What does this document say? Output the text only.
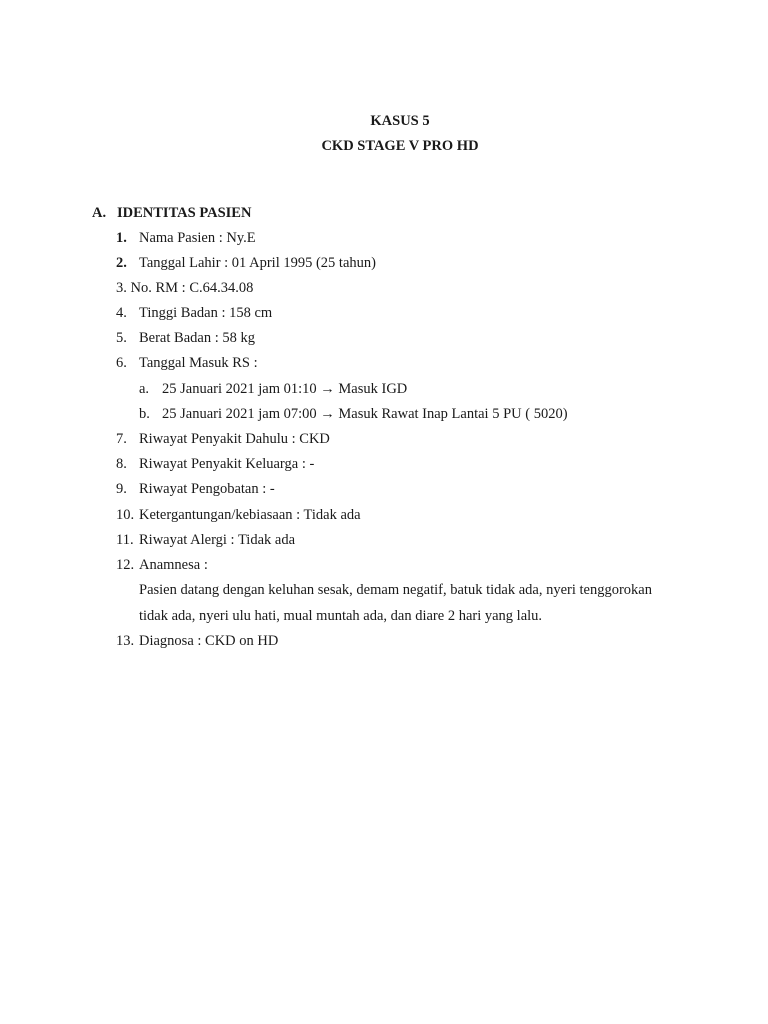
KASUS 5
CKD STAGE V PRO HD
A. IDENTITAS PASIEN
1. Nama Pasien : Ny.E
2. Tanggal Lahir : 01 April 1995 (25 tahun)
3. No. RM : C.64.34.08
4. Tinggi Badan : 158 cm
5. Berat Badan : 58 kg
6. Tanggal Masuk RS :
a. 25 Januari 2021 jam 01:10 → Masuk IGD
b. 25 Januari 2021 jam 07:00 → Masuk Rawat Inap Lantai 5 PU ( 5020)
7. Riwayat Penyakit Dahulu : CKD
8. Riwayat Penyakit Keluarga : -
9. Riwayat Pengobatan : -
10. Ketergantungan/kebiasaan : Tidak ada
11. Riwayat Alergi : Tidak ada
12. Anamnesa :
Pasien datang dengan keluhan sesak, demam negatif, batuk tidak ada, nyeri tenggorokan
tidak ada, nyeri ulu hati, mual muntah ada, dan diare 2 hari yang lalu.
13. Diagnosa : CKD on HD
